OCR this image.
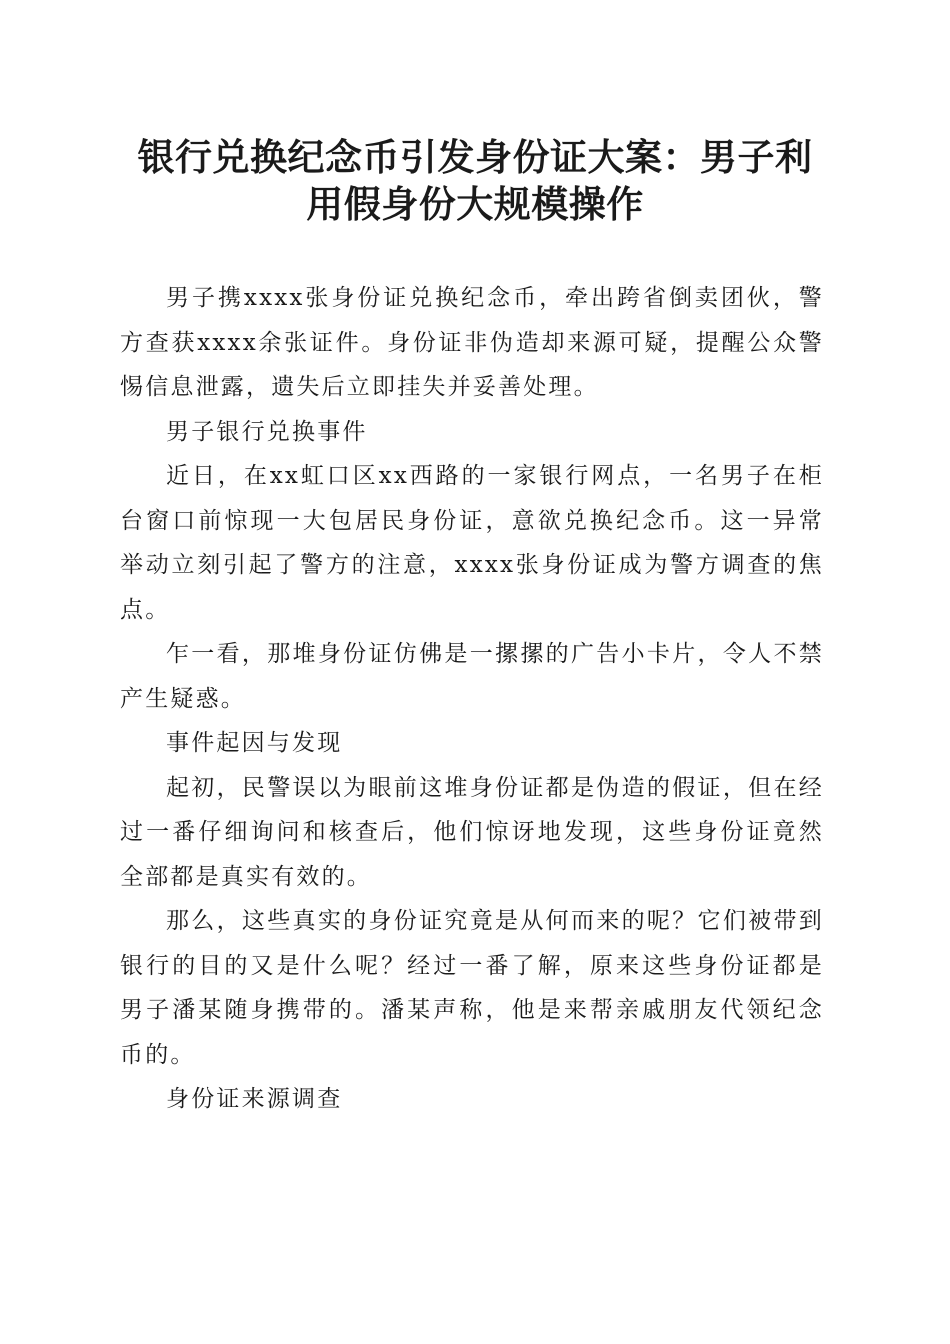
银行兑换纪念币引发身份证大案：男子利用假身份大规模操作

男子携xxxx张身份证兑换纪念币，牵出跨省倒卖团伙，警方查获xxxx余张证件。身份证非伪造却来源可疑，提醒公众警惕信息泄露，遗失后立即挂失并妥善处理。

男子银行兑换事件

近日，在xx虹口区xx西路的一家银行网点，一名男子在柜台窗口前惊现一大包居民身份证，意欲兑换纪念币。这一异常举动立刻引起了警方的注意，xxxx张身份证成为警方调查的焦点。

乍一看，那堆身份证仿佛是一摞摞的广告小卡片，令人不禁产生疑惑。

事件起因与发现

起初，民警误以为眼前这堆身份证都是伪造的假证，但在经过一番仔细询问和核查后，他们惊讶地发现，这些身份证竟然全部都是真实有效的。

那么，这些真实的身份证究竟是从何而来的呢？它们被带到银行的目的又是什么呢？经过一番了解，原来这些身份证都是男子潘某随身携带的。潘某声称，他是来帮亲戚朋友代领纪念币的。

身份证来源调查
